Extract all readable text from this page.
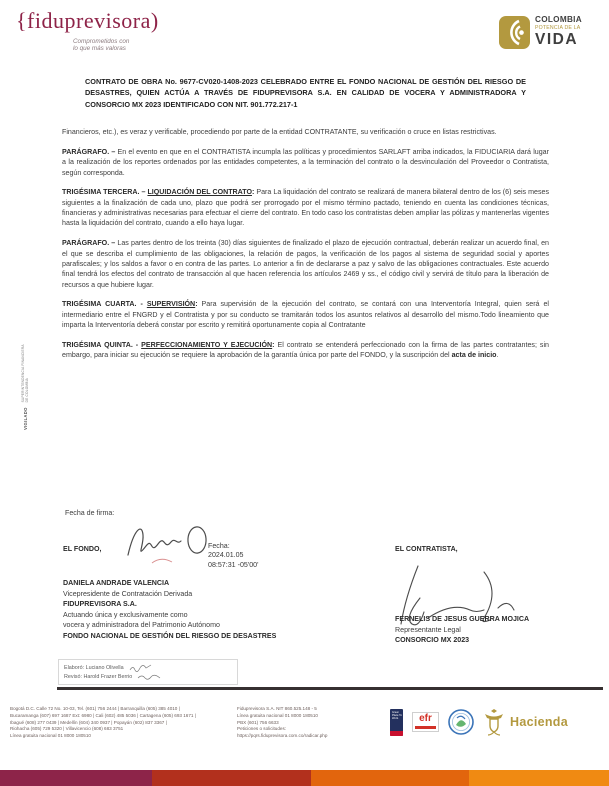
{fiduprevisora)
Comprometidos con
lo que más valoras
COLOMBIA
POTENCIA DE LA
VIDA
CONTRATO DE OBRA No. 9677-CV020-1408-2023 CELEBRADO ENTRE EL FONDO NACIONAL DE GESTIÓN DEL RIESGO DE DESASTRES, QUIEN ACTÚA A TRAVÉS DE FIDUPREVISORA S.A. EN CALIDAD DE VOCERA Y ADMINISTRADORA Y CONSORCIO MX 2023 IDENTIFICADO CON NIT. 901.772.217-1

Financieros, etc.), es veraz y verificable, procediendo por parte de la entidad CONTRATANTE, su verificación o cruce en listas restrictivas.

PARÁGRAFO. – En el evento en que en el CONTRATISTA incumpla las políticas y procedimientos SARLAFT arriba indicados, la FIDUCIARIA dará lugar a la realización de los reportes ordenados por las entidades competentes, a la terminación del contrato o la desvinculación del Proveedor o Contratista, según corresponda.

TRIGÉSIMA TERCERA. – LIQUIDACIÓN DEL CONTRATO: Para La liquidación del contrato se realizará de manera bilateral dentro de los (6) seis meses siguientes a la finalización de cada uno, plazo que podrá ser prorrogado por el mismo término pactado, teniendo en cuenta las condiciones técnicas, financieras y administrativas necesarias para efectuar el cierre del contrato. En todo caso los contratistas deben ampliar las pólizas y mantenerlas vigentes hasta la liquidación del contrato, cuando a ello haya lugar.

PARÁGRAFO. – Las partes dentro de los treinta (30) días siguientes de finalizado el plazo de ejecución contractual, deberán realizar un acuerdo final, en el que se describa el cumplimiento de las obligaciones, la relación de pagos, la verificación de los pagos al sistema de seguridad social y aportes parafiscales; y los saldos a favor o en contra de las partes. Lo anterior a fin de declararse a paz y salvo de las obligaciones contractuales. Este acuerdo final tendrá los efectos del contrato de transacción al que hacen referencia los artículos 2469 y ss., el código civil y servirá de título para la liberación de recursos a que hubiere lugar.

TRIGÉSIMA CUARTA. - SUPERVISIÓN: Para supervisión de la ejecución del contrato, se contará con una Interventoría Integral, quien será el intermediario entre el FNGRD y el Contratista y por su conducto se tramitarán todos los asuntos relativos al desarrollo del mismo.Todo lineamiento que imparta la Interventoría deberá constar por escrito y remitirá oportunamente copia al Contratante

TRIGÉSIMA QUINTA. - PERFECCIONAMIENTO Y EJECUCIÓN: El contrato se entenderá perfeccionado con la firma de las partes contratantes; sin embargo, para iniciar su ejecución se requiere la aprobación de la garantía única por parte del FONDO, y la suscripción del acta de inicio.

Fecha de firma:
EL FONDO,	EL CONTRATISTA,
Fecha:
2024.01.05
08:57:31 -05'00'
DANIELA ANDRADE VALENCIA
Vicepresidente de Contratación Derivada
FIDUPREVISORA S.A.
Actuando única y exclusivamente como
vocera y administradora del Patrimonio Autónomo
FONDO NACIONAL DE GESTIÓN DEL RIESGO DE DESASTRES
FERNELIS DE JESUS GUERRA MOJICA
Representante Legal
CONSORCIO MX 2023
Elaboró: Luciano Olivella
Revisó: Harold Frazer Berrio
VIGILADO
SUPERINTENDENCIA FINANCIERA
DE COLOMBIA
Bogotá D.C. Calle 72 No. 10-03, Tel. (601) 756 2444 | Barranquilla (605) 385 4010 |
Bucaramanga (607) 697 1687 Ext: 6980 | Cali (602) 485 5036 | Cartagena (605) 693 1671 |
Ibagué (608) 277 0439 | Medellín (604) 340 0937 | Popayán (602) 837 3367 |
Riohacha (605) 729 5320 | Villavicencio (608) 683 3751
Línea gratuita nacional 01 8000 180510
Fiduprevisora S.A. NIT 860.525.148 - 5
Línea gratuita nacional 01 8000 180510
PBX (601) 756 6633
Peticiones o solicitudes:
https://pqrs.fiduprevisora.com.co/radicar.php
Great Place To Work.	efr	Hacienda
